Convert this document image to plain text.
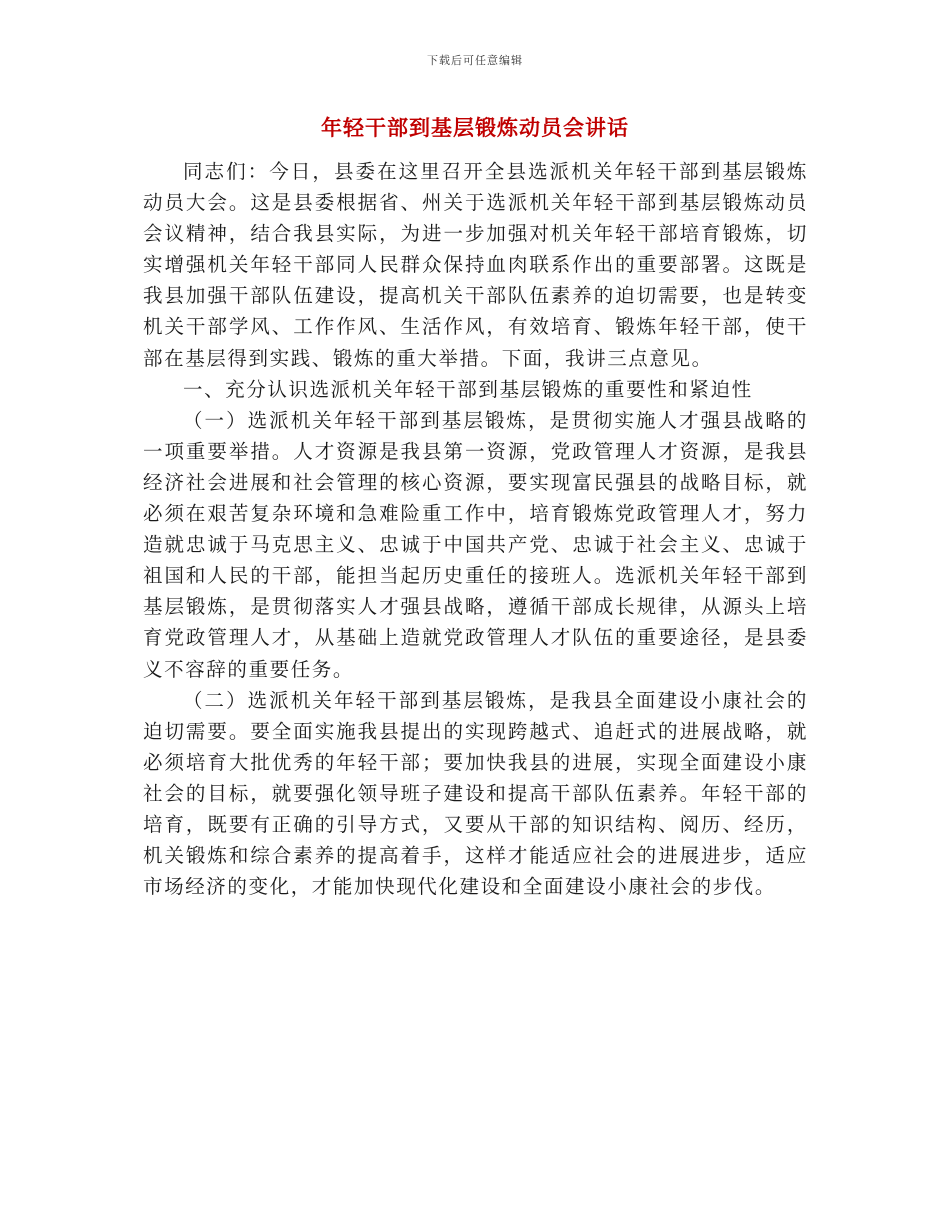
下载后可任意编辑
年轻干部到基层锻炼动员会讲话

同志们：今日，县委在这里召开全县选派机关年轻干部到基层锻炼动员大会。这是县委根据省、州关于选派机关年轻干部到基层锻炼动员会议精神，结合我县实际，为进一步加强对机关年轻干部培育锻炼，切实增强机关年轻干部同人民群众保持血肉联系作出的重要部署。这既是我县加强干部队伍建设，提高机关干部队伍素养的迫切需要，也是转变机关干部学风、工作作风、生活作风，有效培育、锻炼年轻干部，使干部在基层得到实践、锻炼的重大举措。下面，我讲三点意见。

一、充分认识选派机关年轻干部到基层锻炼的重要性和紧迫性

（一）选派机关年轻干部到基层锻炼，是贯彻实施人才强县战略的一项重要举措。人才资源是我县第一资源，党政管理人才资源，是我县经济社会进展和社会管理的核心资源，要实现富民强县的战略目标，就必须在艰苦复杂环境和急难险重工作中，培育锻炼党政管理人才，努力造就忠诚于马克思主义、忠诚于中国共产党、忠诚于社会主义、忠诚于祖国和人民的干部，能担当起历史重任的接班人。选派机关年轻干部到基层锻炼，是贯彻落实人才强县战略，遵循干部成长规律，从源头上培育党政管理人才，从基础上造就党政管理人才队伍的重要途径，是县委义不容辞的重要任务。

（二）选派机关年轻干部到基层锻炼，是我县全面建设小康社会的迫切需要。要全面实施我县提出的实现跨越式、追赶式的进展战略，就必须培育大批优秀的年轻干部；要加快我县的进展，实现全面建设小康社会的目标，就要强化领导班子建设和提高干部队伍素养。年轻干部的培育，既要有正确的引导方式，又要从干部的知识结构、阅历、经历，机关锻炼和综合素养的提高着手，这样才能适应社会的进展进步，适应市场经济的变化，才能加快现代化建设和全面建设小康社会的步伐。
